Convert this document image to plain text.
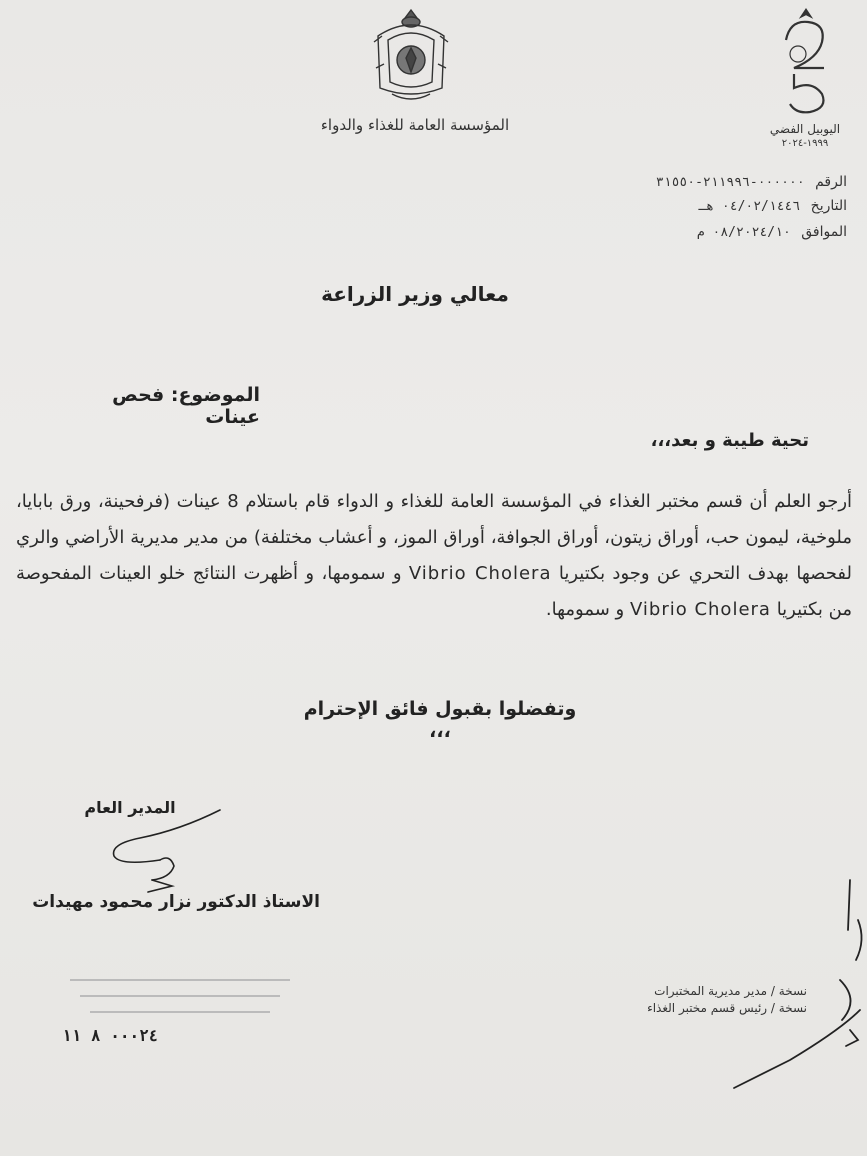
المؤسسة العامة للغذاء والدواء	اليوبيل الفضي
١٩٩٩-٢٠٢٤
الرقم ٠٠٠٠٠٠-٢١١٩٩٦-٣١٥٥٠
التاريخ ٠٤/٠٢/١٤٤٦ هـ
الموافق ٠٨/٢٠٢٤/١٠ م
معالي وزير الزراعة
الموضوع: فحص عينات
تحية طيبة و بعد،،،
أرجو العلم أن قسم مختبر الغذاء في المؤسسة العامة للغذاء و الدواء قام باستلام 8 عينات (فرفحينة، ورق بابايا، ملوخية، ليمون حب، أوراق زيتون، أوراق الجوافة، أوراق الموز، و أعشاب مختلفة) من مدير مديرية الأراضي والري لفحصها بهدف التحري عن وجود بكتيريا Vibrio Cholera و سمومها، و أظهرت النتائج خلو العينات المفحوصة من بكتيريا Vibrio Cholera و سمومها.
وتفضلوا بقبول فائق الإحترام ،،،
المدير العام
الاستاذ الدكتور نزار محمود مهيدات
نسخة / مدير مديرية المختبرات
نسخة / رئيس قسم مختبر الغذاء
٠٠٠٢٤ ٨ ١١
